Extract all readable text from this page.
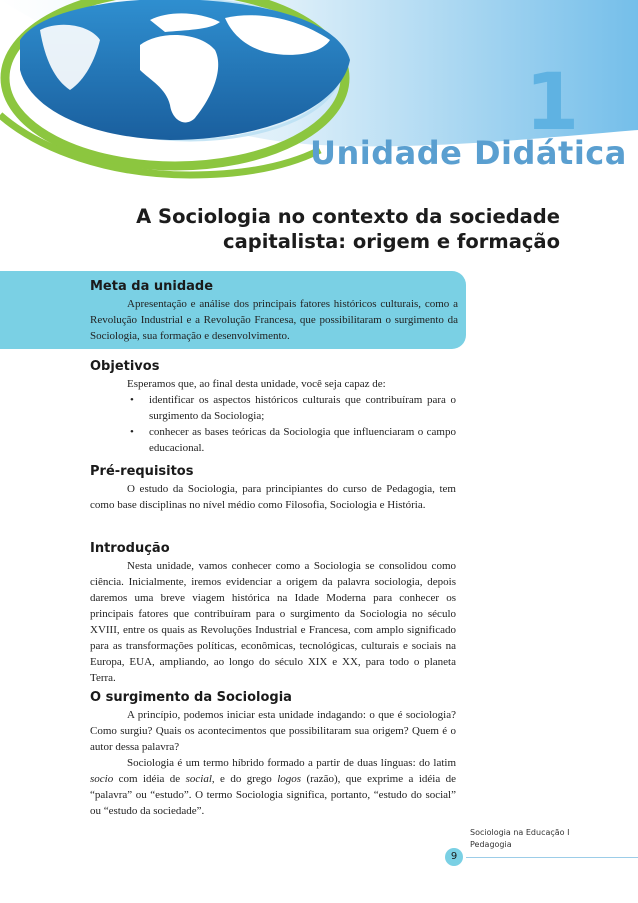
1
Unidade Didática
A Sociologia no contexto da sociedade
capitalista: origem e formação

Meta da unidade

Apresentação e análise dos principais fatores históricos culturais, como a Revolução Industrial e a Revolução Francesa, que possibilitaram o surgimento da Sociologia, sua formação e desenvolvimento.

Objetivos

Esperamos que, ao final desta unidade, você seja capaz de:

• identificar os aspectos históricos culturais que contribuíram para o surgimento da Sociologia;
• conhecer as bases teóricas da Sociologia que influenciaram o campo educacional.

Pré-requisitos

O estudo da Sociologia, para principiantes do curso de Pedagogia, tem como base disciplinas no nível médio como Filosofia, Sociologia e História.

Introdução

Nesta unidade, vamos conhecer como a Sociologia se consolidou como ciência. Inicialmente, iremos evidenciar a origem da palavra sociologia, depois daremos uma breve viagem histórica na Idade Moderna para conhecer os principais fatores que contribuíram para o surgimento da Sociologia no século XVIII, entre os quais as Revoluções Industrial e Francesa, com amplo significado para as transformações políticas, econômicas, tecnológicas, culturais e sociais na Europa, EUA, ampliando, ao longo do século XIX e XX, para todo o planeta Terra.

O surgimento da Sociologia

A princípio, podemos iniciar esta unidade indagando: o que é sociologia? Como surgiu? Quais os acontecimentos que possibilitaram sua origem? Quem é o autor dessa palavra?

Sociologia é um termo híbrido formado a partir de duas línguas: do latim socio com idéia de social, e do grego logos (razão), que exprime a idéia de “palavra” ou “estudo”. O termo Sociologia significa, portanto, “estudo do social” ou “estudo da sociedade”.

Sociologia na Educação I
Pedagogia
9
